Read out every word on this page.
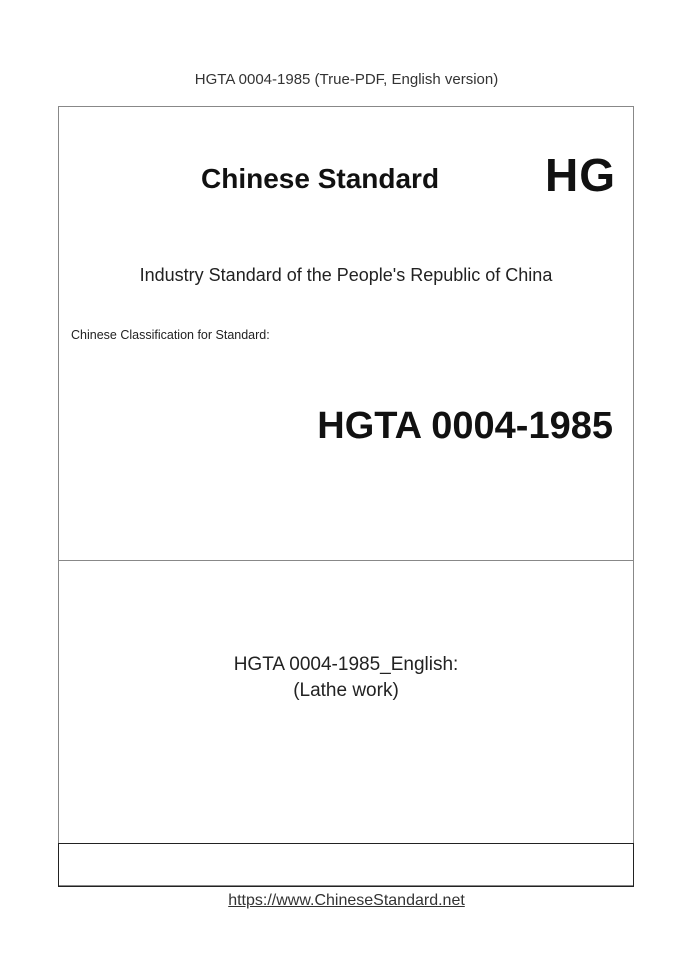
HGTA 0004-1985 (True-PDF, English version)
Chinese Standard HG
Industry Standard of the People's Republic of China
Chinese Classification for Standard:
HGTA 0004-1985
HGTA 0004-1985_English:
(Lathe work)
https://www.ChineseStandard.net
